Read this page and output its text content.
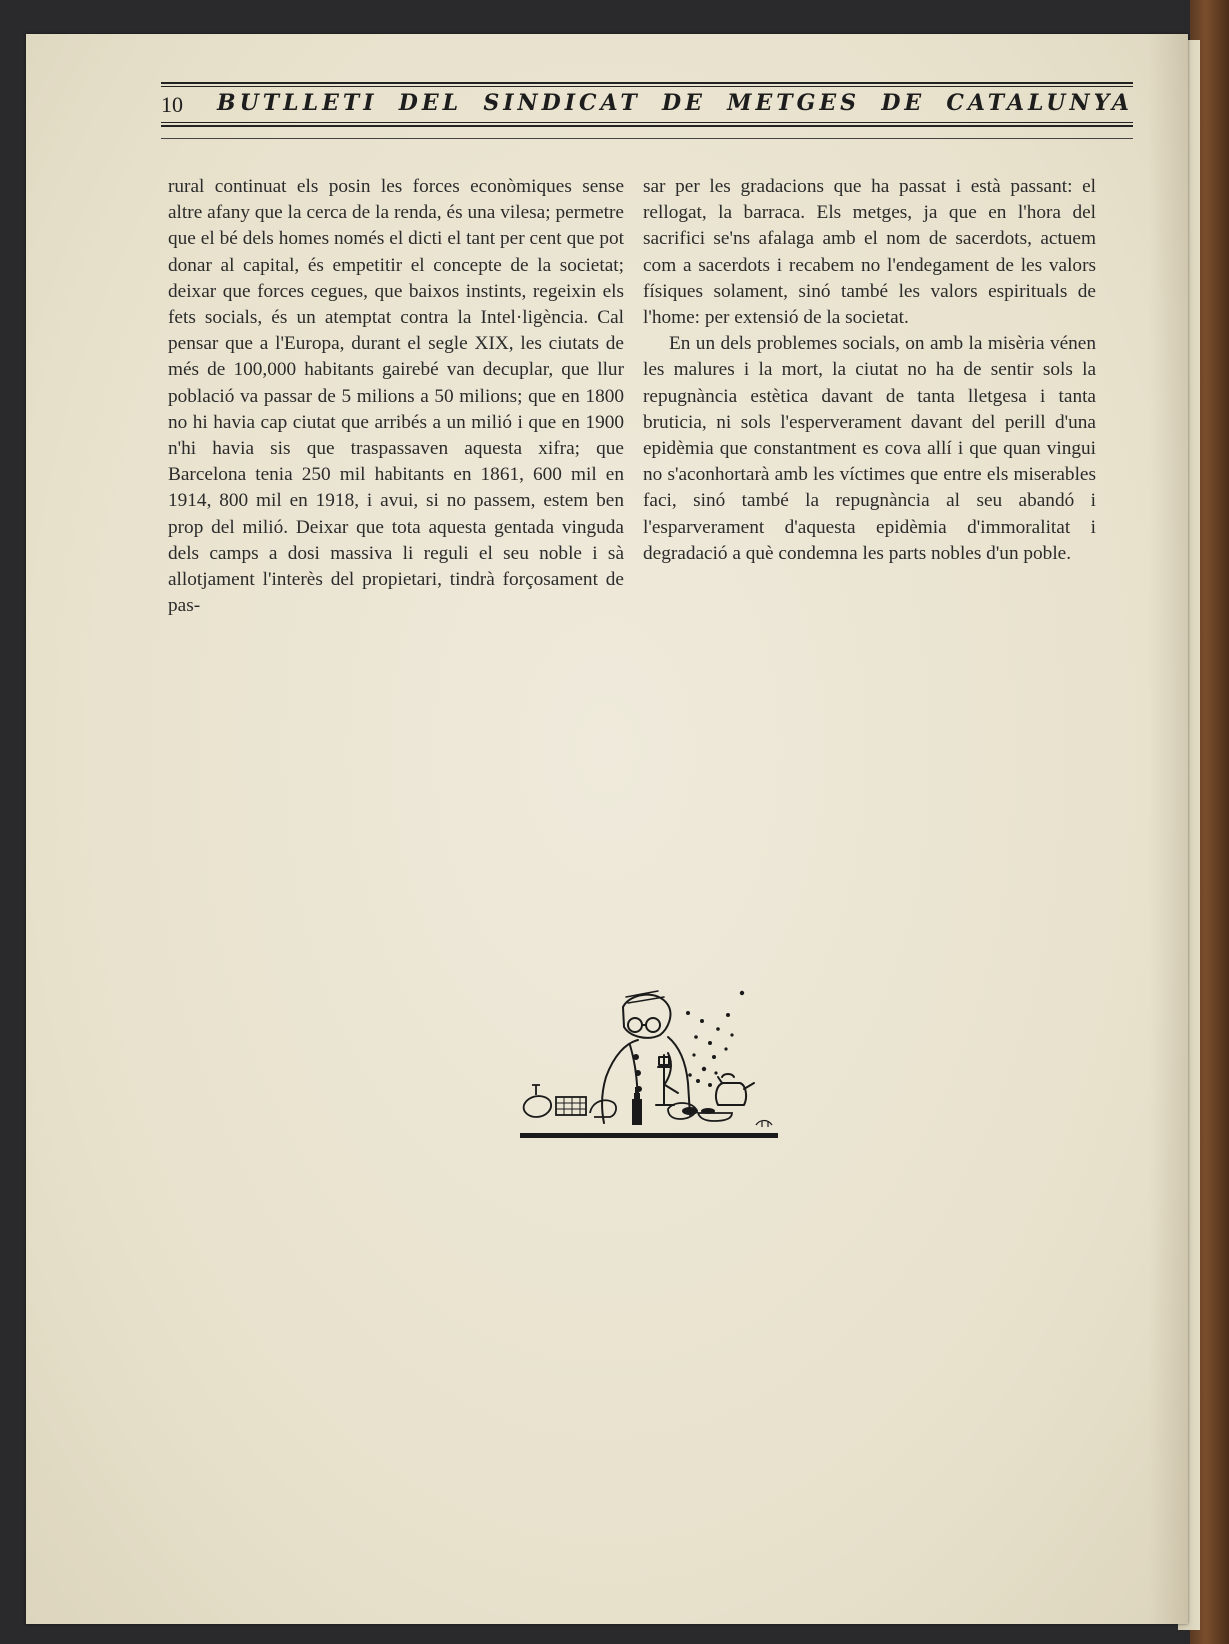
10 BUTLLETI DEL SINDICAT DE METGES DE CATALUNYA

rural continuat els posin les forces econòmiques sense altre afany que la cerca de la renda, és una vilesa; permetre que el bé dels homes només el dicti el tant per cent que pot donar al capital, és empetitir el concepte de la societat; deixar que forces cegues, que baixos instints, regeixin els fets socials, és un atemptat contra la Intel·ligència. Cal pensar que a l'Europa, durant el segle XIX, les ciutats de més de 100,000 habitants gairebé van decuplar, que llur població va passar de 5 milions a 50 milions; que en 1800 no hi havia cap ciutat que arribés a un milió i que en 1900 n'hi havia sis que traspassaven aquesta xifra; que Barcelona tenia 250 mil habitants en 1861, 600 mil en 1914, 800 mil en 1918, i avui, si no passem, estem ben prop del milió. Deixar que tota aquesta gentada vinguda dels camps a dosi massiva li reguli el seu noble i sà allotjament l'interès del propietari, tindrà forçosament de pas-

sar per les gradacions que ha passat i està passant: el rellogat, la barraca. Els metges, ja que en l'hora del sacrifici se'ns afalaga amb el nom de sacerdots, actuem com a sacerdots i recabem no l'endegament de les valors físiques solament, sinó també les valors espirituals de l'home: per extensió de la societat.

En un dels problemes socials, on amb la misèria vénen les malures i la mort, la ciutat no ha de sentir sols la repugnància estètica davant de tanta lletgesa i tanta bruticia, ni sols l'esperverament davant del perill d'una epidèmia que constantment es cova allí i que quan vingui no s'aconhortarà amb les víctimes que entre els miserables faci, sinó també la repugnància al seu abandó i l'esparverament d'aquesta epidèmia d'immoralitat i degradació a què condemna les parts nobles d'un poble.
